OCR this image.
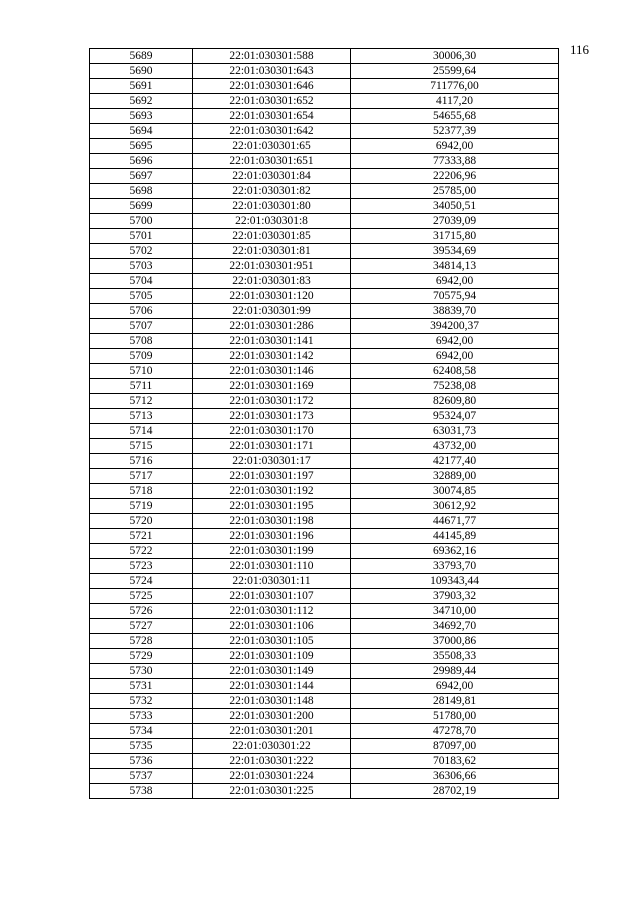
116
5689	22:01:030301:588	30006,30
5690	22:01:030301:643	25599,64
5691	22:01:030301:646	711776,00
5692	22:01:030301:652	4117,20
5693	22:01:030301:654	54655,68
5694	22:01:030301:642	52377,39
5695	22:01:030301:65	6942,00
5696	22:01:030301:651	77333,88
5697	22:01:030301:84	22206,96
5698	22:01:030301:82	25785,00
5699	22:01:030301:80	34050,51
5700	22:01:030301:8	27039,09
5701	22:01:030301:85	31715,80
5702	22:01:030301:81	39534,69
5703	22:01:030301:951	34814,13
5704	22:01:030301:83	6942,00
5705	22:01:030301:120	70575,94
5706	22:01:030301:99	38839,70
5707	22:01:030301:286	394200,37
5708	22:01:030301:141	6942,00
5709	22:01:030301:142	6942,00
5710	22:01:030301:146	62408,58
5711	22:01:030301:169	75238,08
5712	22:01:030301:172	82609,80
5713	22:01:030301:173	95324,07
5714	22:01:030301:170	63031,73
5715	22:01:030301:171	43732,00
5716	22:01:030301:17	42177,40
5717	22:01:030301:197	32889,00
5718	22:01:030301:192	30074,85
5719	22:01:030301:195	30612,92
5720	22:01:030301:198	44671,77
5721	22:01:030301:196	44145,89
5722	22:01:030301:199	69362,16
5723	22:01:030301:110	33793,70
5724	22:01:030301:11	109343,44
5725	22:01:030301:107	37903,32
5726	22:01:030301:112	34710,00
5727	22:01:030301:106	34692,70
5728	22:01:030301:105	37000,86
5729	22:01:030301:109	35508,33
5730	22:01:030301:149	29989,44
5731	22:01:030301:144	6942,00
5732	22:01:030301:148	28149,81
5733	22:01:030301:200	51780,00
5734	22:01:030301:201	47278,70
5735	22:01:030301:22	87097,00
5736	22:01:030301:222	70183,62
5737	22:01:030301:224	36306,66
5738	22:01:030301:225	28702,19
